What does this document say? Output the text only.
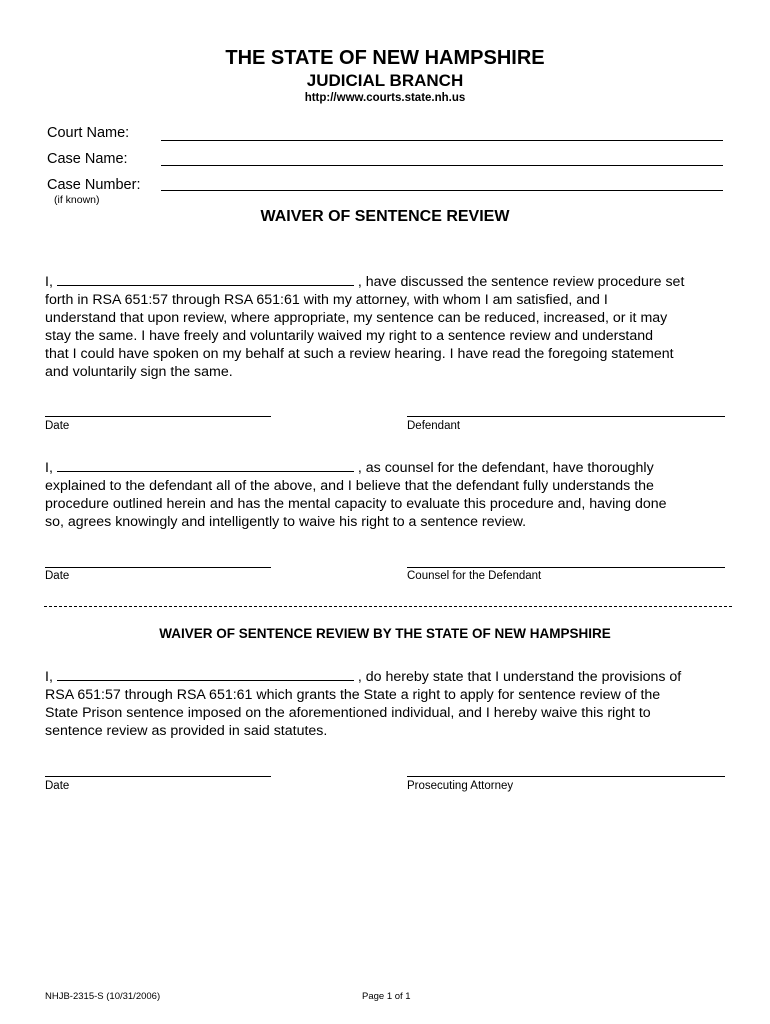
THE STATE OF NEW HAMPSHIRE
JUDICIAL BRANCH
http://www.courts.state.nh.us
Court Name:
Case Name:
Case Number:
(if known)
WAIVER OF SENTENCE REVIEW
I,	, have discussed the sentence review procedure set
forth in RSA 651:57 through RSA 651:61 with my attorney, with whom I am satisfied, and I
understand that upon review, where appropriate, my sentence can be reduced, increased, or it may
stay the same. I have freely and voluntarily waived my right to a sentence review and understand
that I could have spoken on my behalf at such a review hearing. I have read the foregoing statement
and voluntarily sign the same.
Date	Defendant
I,	, as counsel for the defendant, have thoroughly
explained to the defendant all of the above, and I believe that the defendant fully understands the
procedure outlined herein and has the mental capacity to evaluate this procedure and, having done
so, agrees knowingly and intelligently to waive his right to a sentence review.
Date	Counsel for the Defendant
WAIVER OF SENTENCE REVIEW BY THE STATE OF NEW HAMPSHIRE
I,	, do hereby state that I understand the provisions of
RSA 651:57 through RSA 651:61 which grants the State a right to apply for sentence review of the
State Prison sentence imposed on the aforementioned individual, and I hereby waive this right to
sentence review as provided in said statutes.
Date	Prosecuting Attorney
NHJB-2315-S (10/31/2006)	Page 1 of 1
